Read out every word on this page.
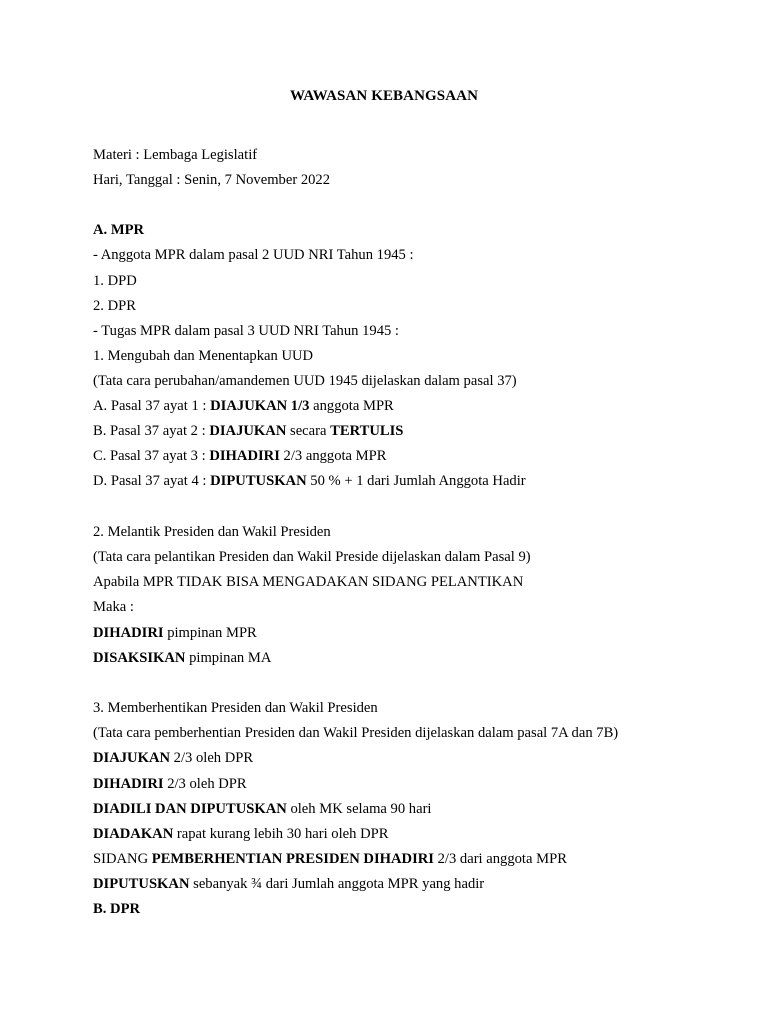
WAWASAN KEBANGSAAN
Materi : Lembaga Legislatif
Hari, Tanggal : Senin, 7 November 2022
A. MPR
- Anggota MPR dalam pasal 2 UUD NRI Tahun 1945 :
1. DPD
2. DPR
- Tugas MPR dalam pasal 3 UUD NRI Tahun 1945 :
1. Mengubah dan Menentapkan UUD
(Tata cara perubahan/amandemen UUD 1945 dijelaskan dalam pasal 37)
A. Pasal 37 ayat 1 : DIAJUKAN 1/3 anggota MPR
B. Pasal 37 ayat 2 : DIAJUKAN secara TERTULIS
C. Pasal 37 ayat 3 : DIHADIRI 2/3 anggota MPR
D. Pasal 37 ayat 4 : DIPUTUSKAN 50 % + 1 dari Jumlah Anggota Hadir
2. Melantik Presiden dan Wakil Presiden
(Tata cara pelantikan Presiden dan Wakil Preside dijelaskan dalam Pasal 9)
Apabila MPR TIDAK BISA MENGADAKAN SIDANG PELANTIKAN
Maka :
DIHADIRI pimpinan MPR
DISAKSIKAN pimpinan MA
3. Memberhentikan Presiden dan Wakil Presiden
(Tata cara pemberhentian Presiden dan Wakil Presiden dijelaskan dalam pasal 7A dan 7B)
DIAJUKAN 2/3 oleh DPR
DIHADIRI 2/3 oleh DPR
DIADILI DAN DIPUTUSKAN oleh MK selama 90 hari
DIADAKAN rapat kurang lebih 30 hari oleh DPR
SIDANG PEMBERHENTIAN PRESIDEN DIHADIRI 2/3 dari anggota MPR
DIPUTUSKAN sebanyak ¾ dari Jumlah anggota MPR yang hadir
B. DPR
